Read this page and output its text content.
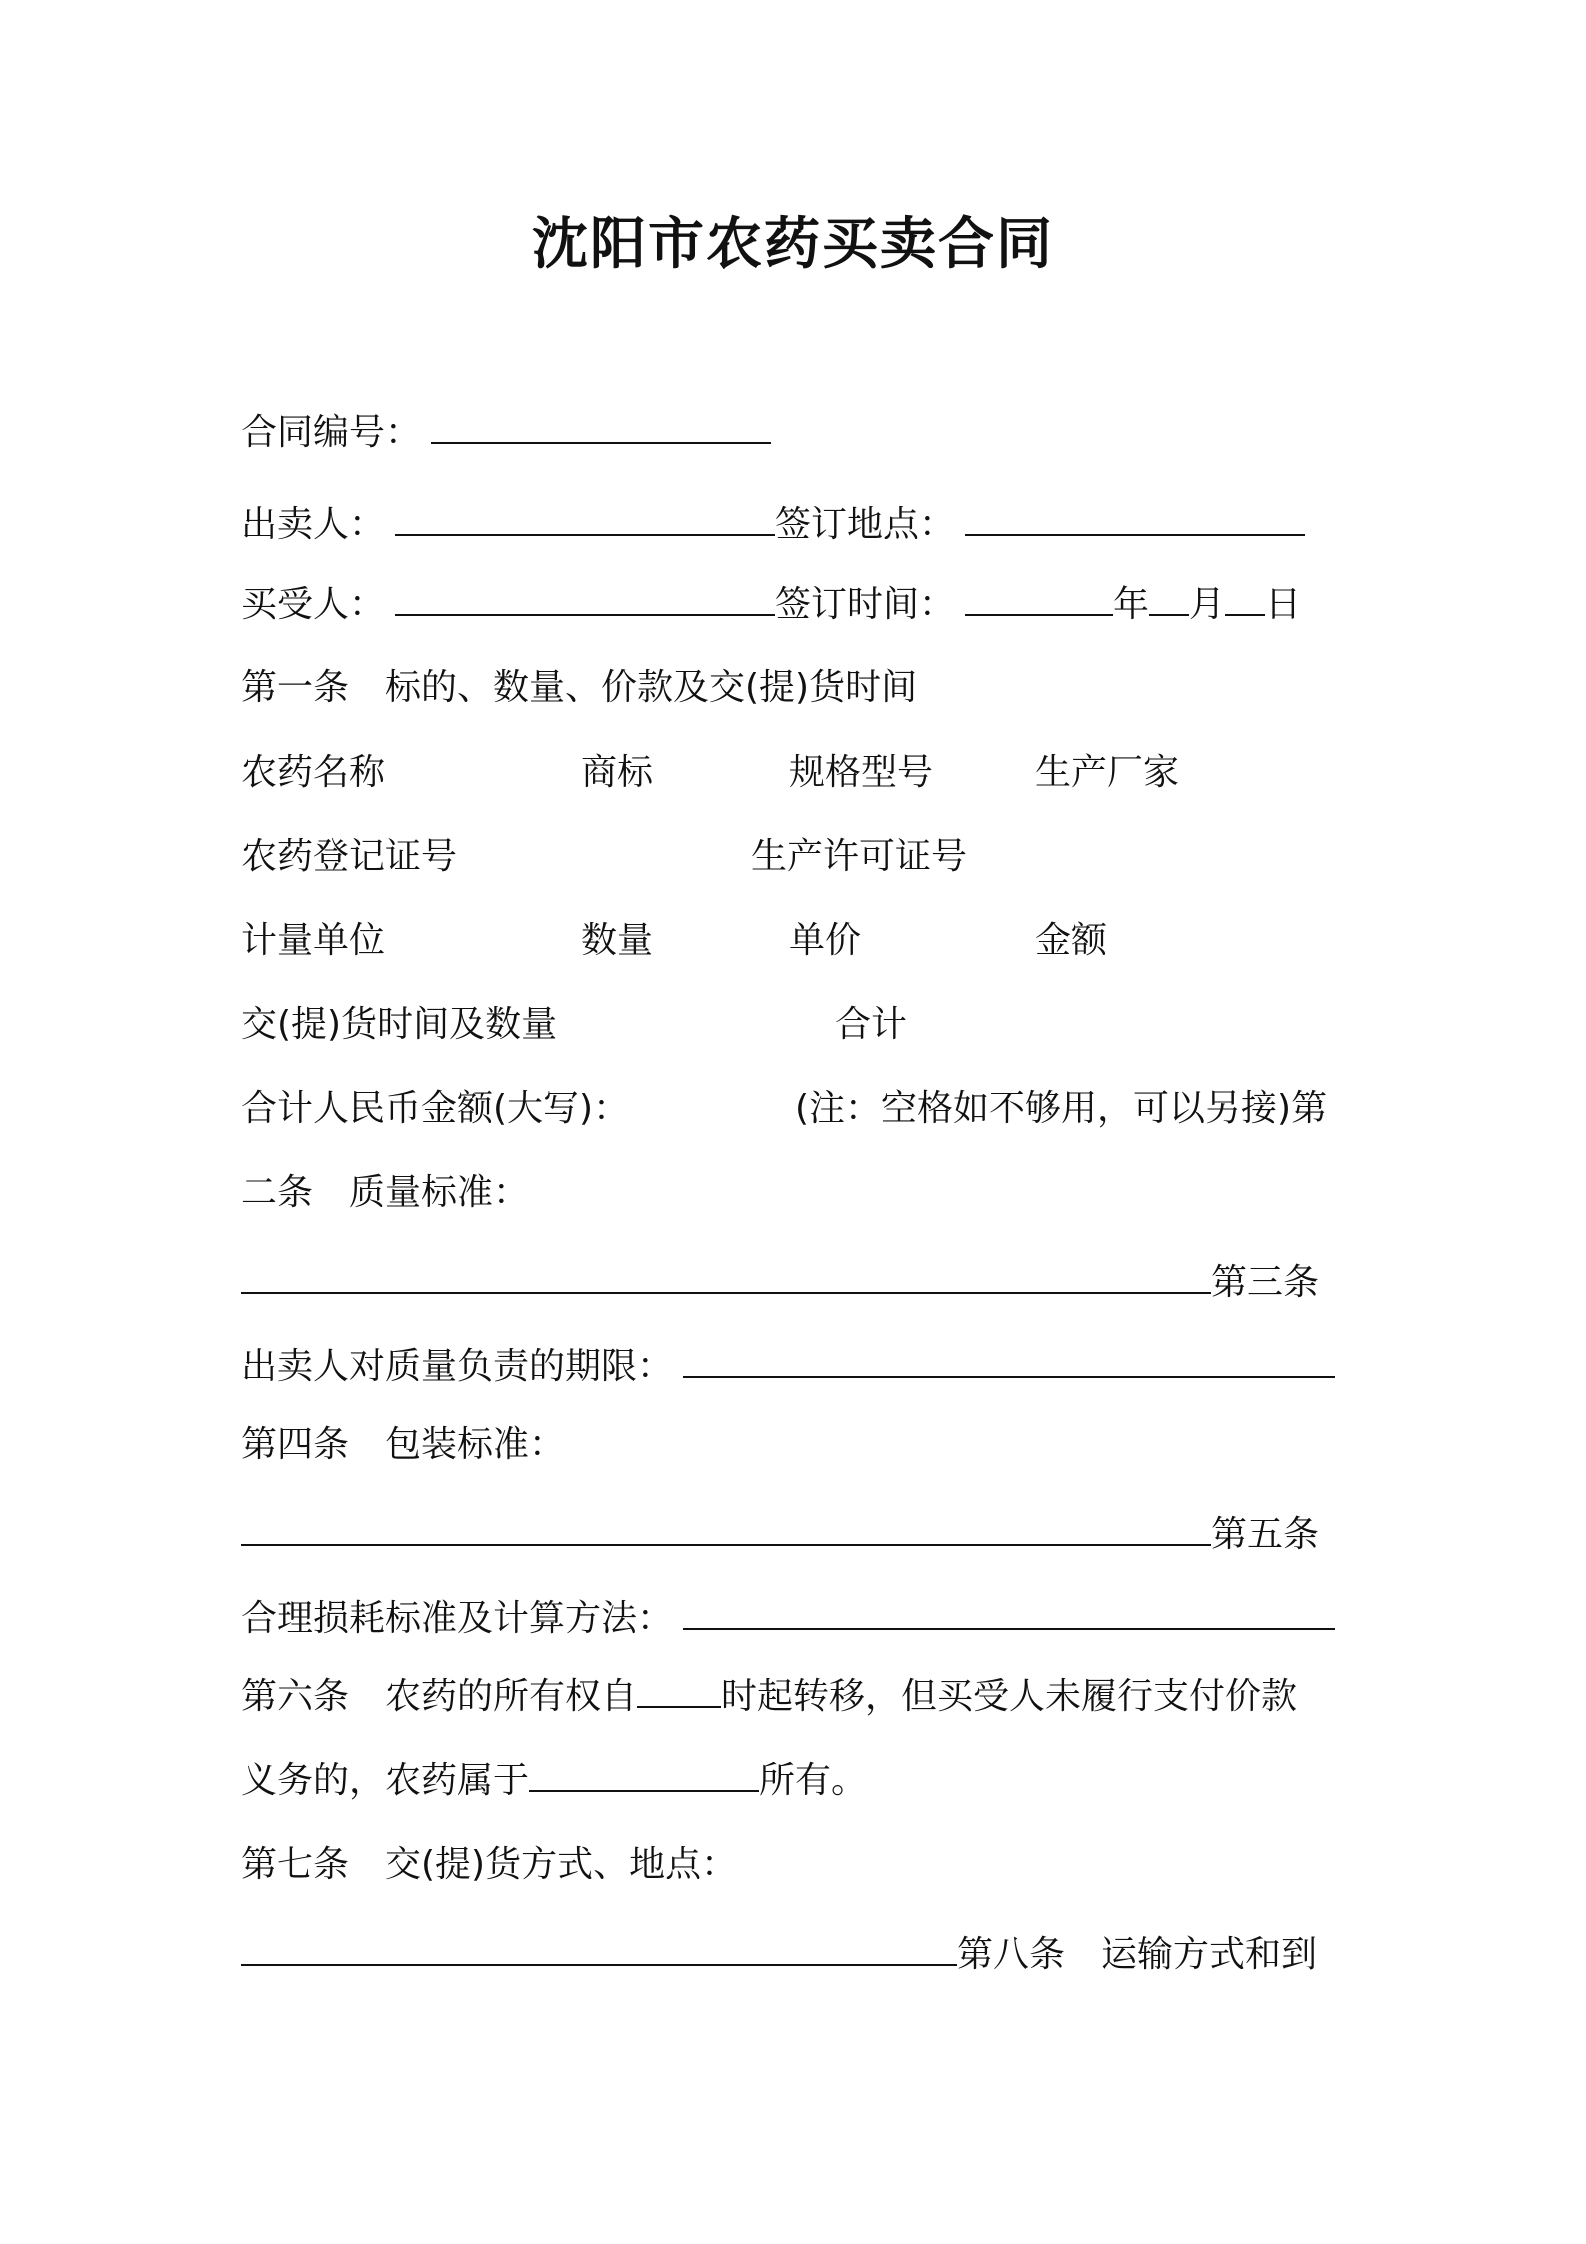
沈阳市农药买卖合同
合同编号：
出卖人：	签订地点：
买受人：	签订时间：	年 月 日
第一条　标的、数量、价款及交(提)货时间
农药名称	商标	规格型号	生产厂家
农药登记证号	生产许可证号
计量单位	数量	单价	金额
交(提)货时间及数量	合计
合计人民币金额(大写)：	(注：空格如不够用，可以另接)第
二条　质量标准：
第三条
出卖人对质量负责的期限：
第四条　包装标准：
第五条
合理损耗标准及计算方法：
第六条　农药的所有权自 时起转移，但买受人未履行支付价款
义务的，农药属于	所有。
第七条　交(提)货方式、地点：
第八条　运输方式和到
